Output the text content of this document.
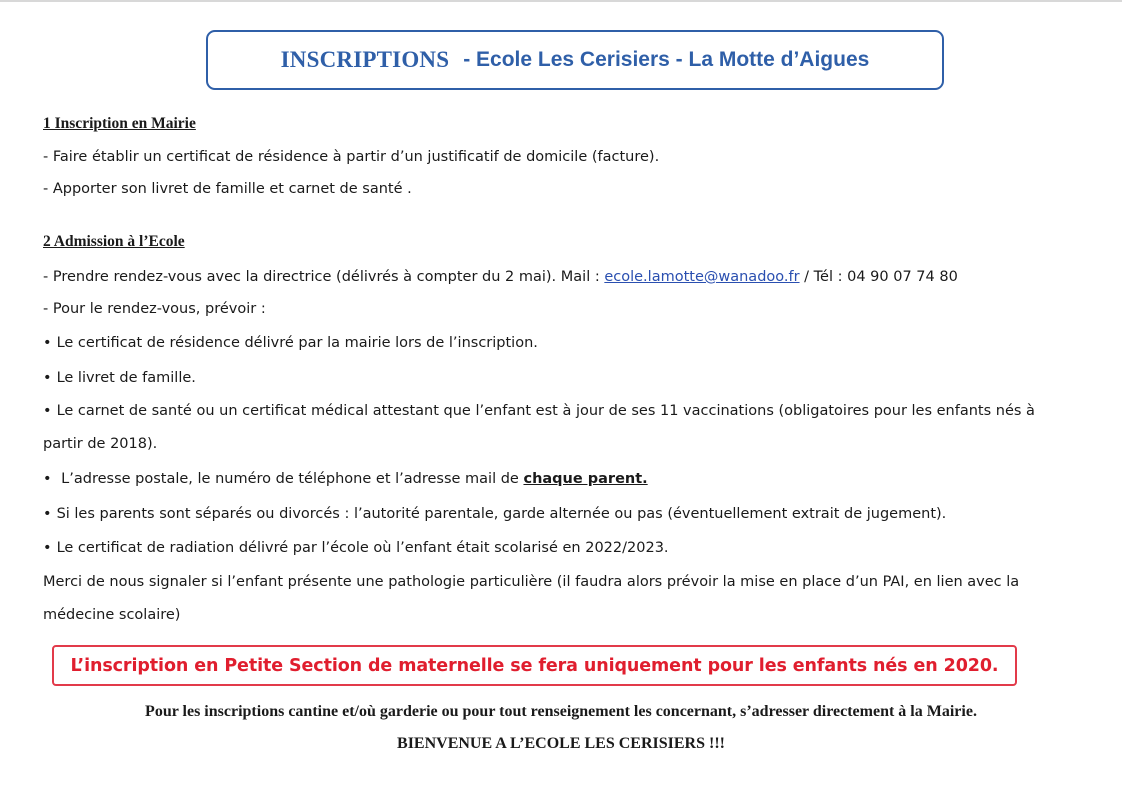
INSCRIPTIONS - Ecole Les Cerisiers - La Motte d’Aigues
1 Inscription en Mairie
- Faire établir un certificat de résidence à partir d’un justificatif de domicile (facture).
- Apporter son livret de famille et carnet de santé .
2 Admission à l’Ecole
- Prendre rendez-vous avec la directrice (délivrés à compter du 2 mai). Mail : ecole.lamotte@wanadoo.fr / Tél : 04 90 07 74 80
- Pour le rendez-vous, prévoir :
• Le certificat de résidence délivré par la mairie lors de l’inscription.
• Le livret de famille.
• Le carnet de santé ou un certificat médical attestant que l’enfant est à jour de ses 11 vaccinations (obligatoires pour les enfants nés à
partir de 2018).
• L’adresse postale, le numéro de téléphone et l’adresse mail de chaque parent.
• Si les parents sont séparés ou divorcés : l’autorité parentale, garde alternée ou pas (éventuellement extrait de jugement).
• Le certificat de radiation délivré par l’école où l’enfant était scolarisé en 2022/2023.
Merci de nous signaler si l’enfant présente une pathologie particulière (il faudra alors prévoir la mise en place d’un PAI, en lien avec la
médecine scolaire)
L’inscription en Petite Section de maternelle se fera uniquement pour les enfants nés en 2020.
Pour les inscriptions cantine et/où garderie ou pour tout renseignement les concernant, s’adresser directement à la Mairie.
BIENVENUE A L’ECOLE LES CERISIERS !!!
